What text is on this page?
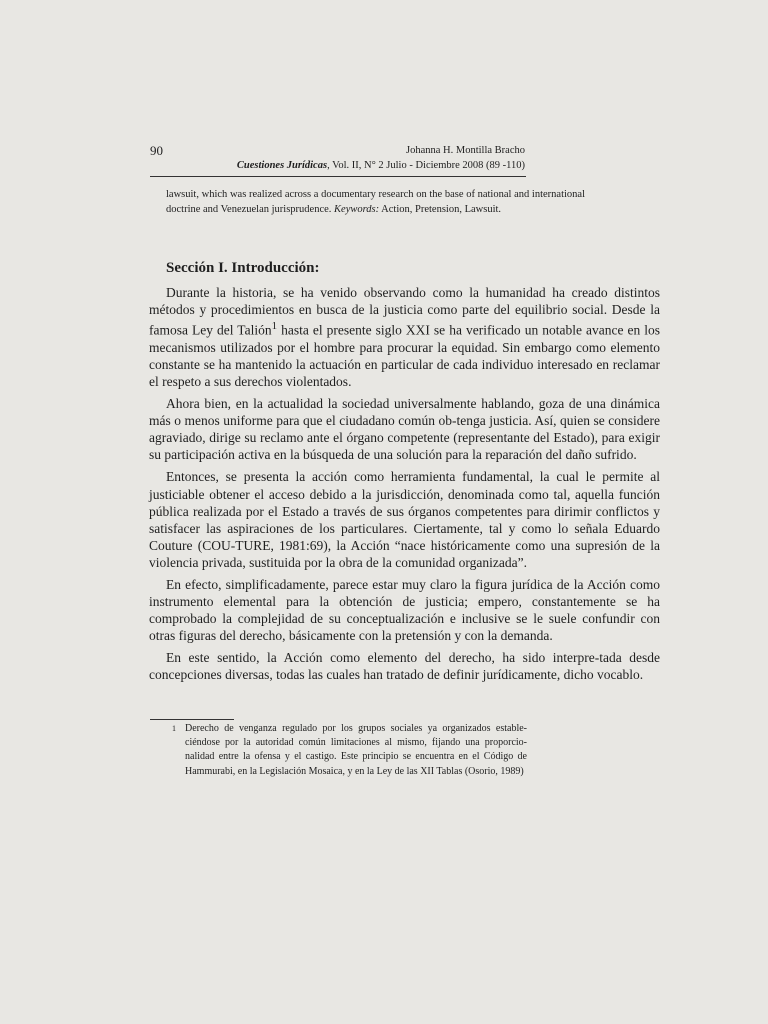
90	Johanna H. Montilla Bracho
Cuestiones Jurídicas, Vol. II, N° 2 Julio - Diciembre 2008 (89 -110)

lawsuit, which was realized across a documentary research on the base of national and international doctrine and Venezuelan jurisprudence. Keywords: Action, Pretension, Lawsuit.

Sección I. Introducción:

Durante la historia, se ha venido observando como la humanidad ha creado distintos métodos y procedimientos en busca de la justicia como parte del equilibrio social. Desde la famosa Ley del Talión$^1$ hasta el presente siglo XXI se ha verificado un notable avance en los mecanismos utilizados por el hombre para procurar la equidad. Sin embargo como elemento constante se ha mantenido la actuación en particular de cada individuo interesado en reclamar el respeto a sus derechos violentados.

Ahora bien, en la actualidad la sociedad universalmente hablando, goza de una dinámica más o menos uniforme para que el ciudadano común ob-tenga justicia. Así, quien se considere agraviado, dirige su reclamo ante el órgano competente (representante del Estado), para exigir su participación activa en la búsqueda de una solución para la reparación del daño sufrido.

Entonces, se presenta la acción como herramienta fundamental, la cual le permite al justiciable obtener el acceso debido a la jurisdicción, denominada como tal, aquella función pública realizada por el Estado a través de sus órganos competentes para dirimir conflictos y satisfacer las aspiraciones de los particulares. Ciertamente, tal y como lo señala Eduardo Couture (COU-TURE, 1981:69), la Acción “nace históricamente como una supresión de la violencia privada, sustituida por la obra de la comunidad organizada”.

En efecto, simplificadamente, parece estar muy claro la figura jurídica de la Acción como instrumento elemental para la obtención de justicia; empero, constantemente se ha comprobado la complejidad de su conceptualización e inclusive se le suele confundir con otras figuras del derecho, básicamente con la pretensión y con la demanda.

En este sentido, la Acción como elemento del derecho, ha sido interpre-tada desde concepciones diversas, todas las cuales han tratado de definir jurídicamente, dicho vocablo.

1 Derecho de venganza regulado por los grupos sociales ya organizados estable-ciéndose por la autoridad común limitaciones al mismo, fijando una proporcio-nalidad entre la ofensa y el castigo. Este principio se encuentra en el Código de Hammurabi, en la Legislación Mosaica, y en la Ley de las XII Tablas (Osorio, 1989)
